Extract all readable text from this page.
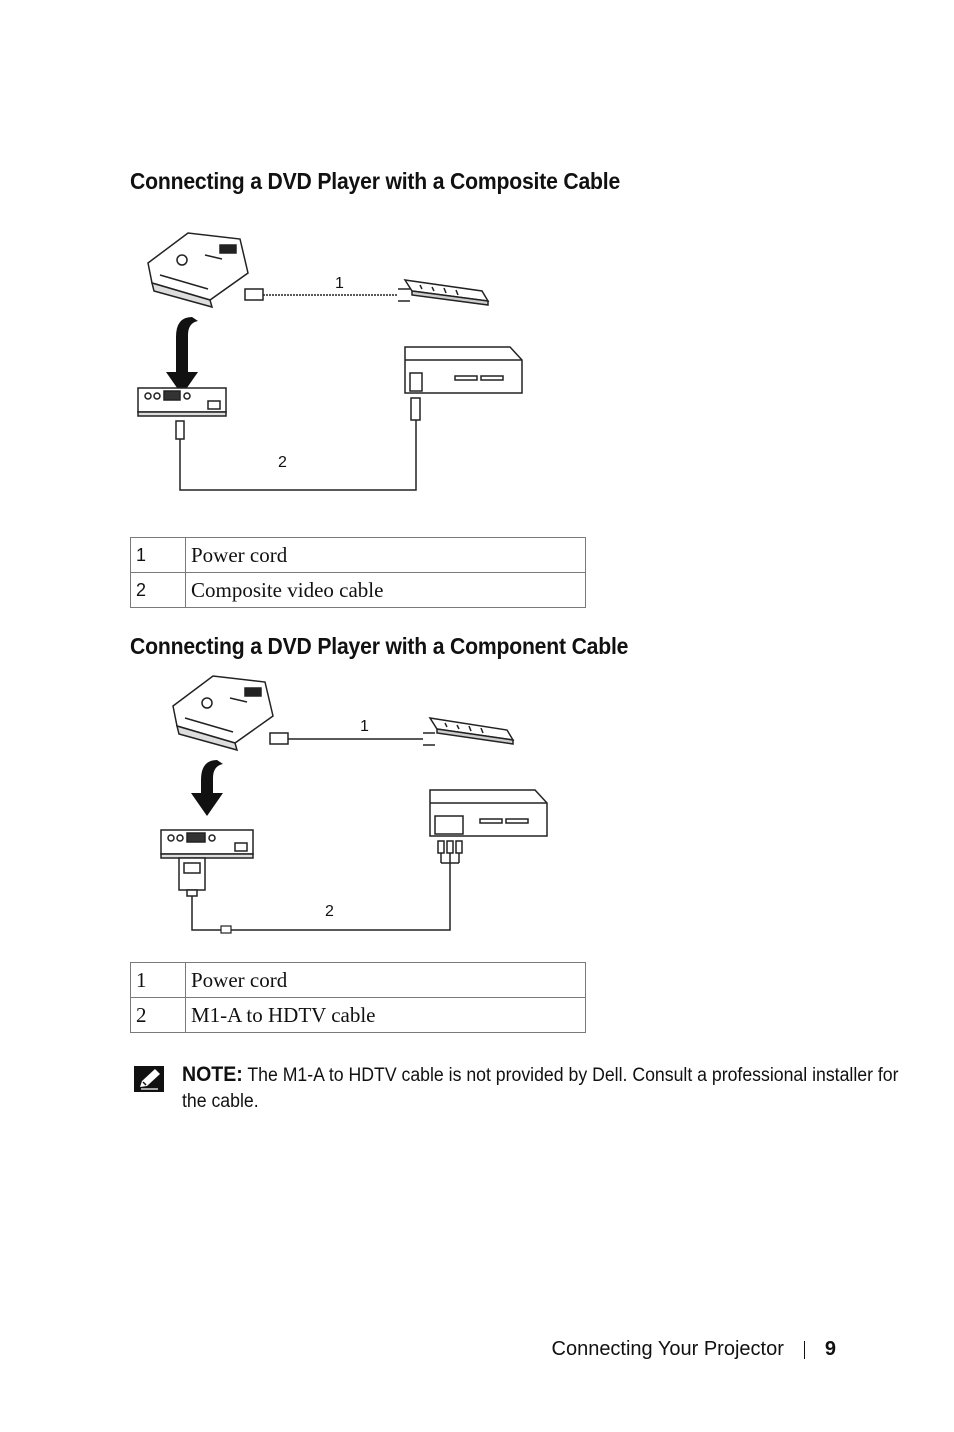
Connecting a DVD Player with a Composite Cable
1
2
1	Power cord
2	Composite video cable
Connecting a DVD Player with a Component Cable
1
2
1	Power cord
2	M1-A to HDTV cable

NOTE: The M1-A to HDTV cable is not provided by Dell. Consult a professional installer for the cable.

Connecting Your Projector 9
